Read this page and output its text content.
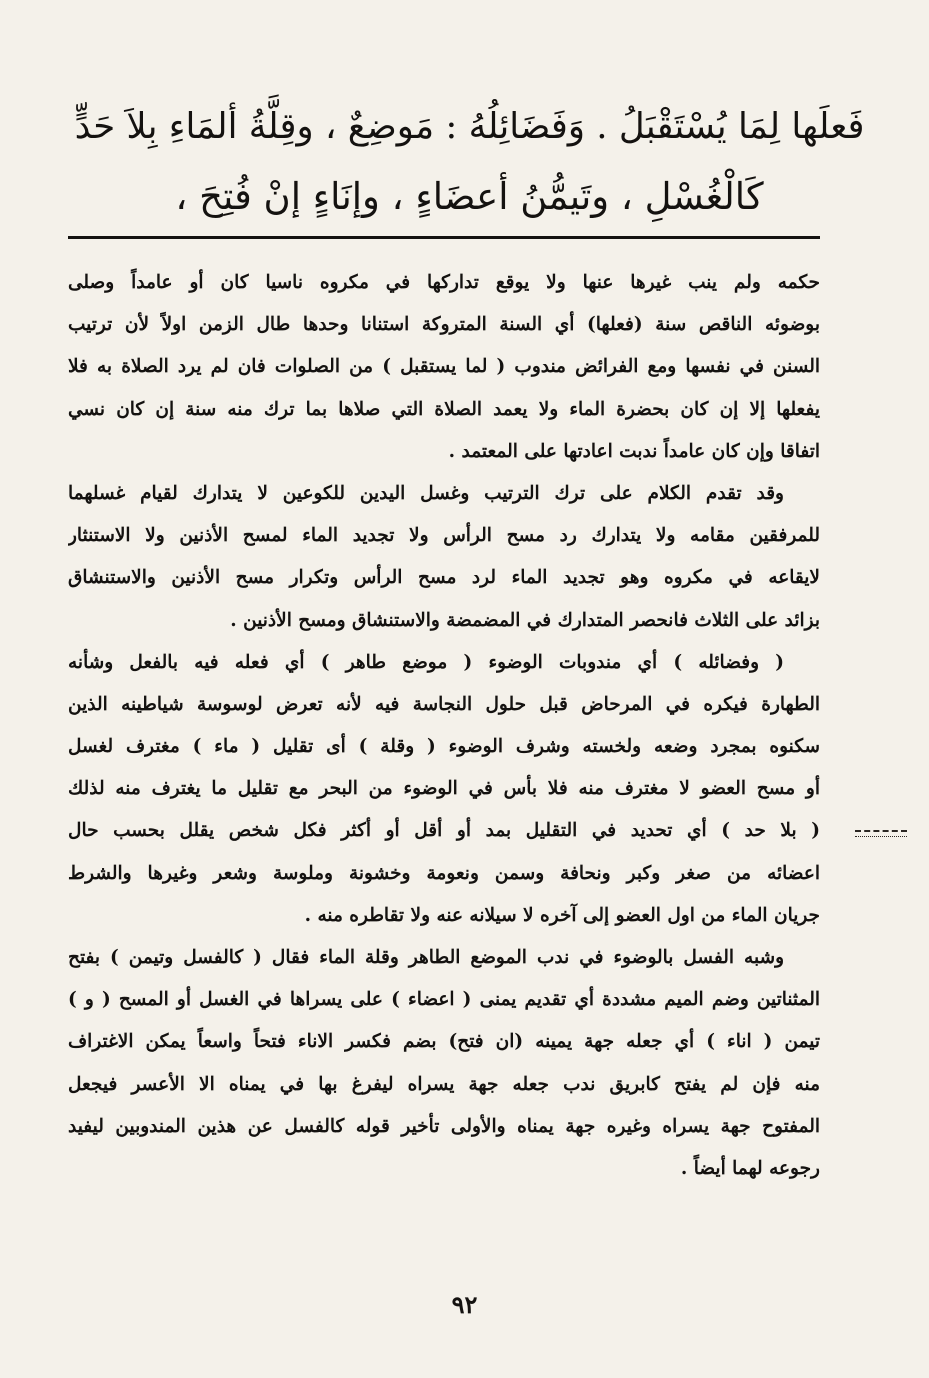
فَعلَها لِمَا يُسْتَقْبَلُ . وَفَضَائِلُهُ : مَوضِعٌ ، وقِلَّةُ ألمَاءِ بِلاَ حَدٍّ
كَالْغُسْلِ ، وتَيمُّنُ أعضَاءٍ ، وإنَاءٍ إنْ فُتِحَ ،
حكمه ولم ينب غيرها عنها ولا يوقع تداركها في مكروه ناسيا كان أو عامداً وصلى
بوضوئه الناقص سنة (فعلها) أي السنة المتروكة استنانا وحدها طال الزمن اولاً لأن ترتيب
السنن في نفسها ومع الفرائض مندوب ( لما يستقبل ) من الصلوات فان لم يرد الصلاة به فلا
يفعلها إلا إن كان بحضرة الماء ولا يعمد الصلاة التي صلاها بما ترك منه سنة إن كان نسي
اتفاقا وإن كان عامداً ندبت اعادتها على المعتمد .
وقد تقدم الكلام على ترك الترتيب وغسل اليدين للكوعين لا يتدارك لقيام غسلهما
للمرفقين مقامه ولا يتدارك رد مسح الرأس ولا تجديد الماء لمسح الأذنين ولا الاستنثار
لايقاعه في مكروه وهو تجديد الماء لرد مسح الرأس وتكرار مسح الأذنين والاستنشاق
بزائد على الثلاث فانحصر المتدارك في المضمضة والاستنشاق ومسح الأذنين .
( وفضائله ) أي مندوبات الوضوء ( موضع طاهر ) أي فعله فيه بالفعل وشأنه
الطهارة فيكره في المرحاض قبل حلول النجاسة فيه لأنه تعرض لوسوسة شياطينه الذين
سكنوه بمجرد وضعه ولخسته وشرف الوضوء ( وقلة ) أى تقليل ( ماء ) مغترف لغسل
أو مسح العضو لا مغترف منه فلا بأس في الوضوء من البحر مع تقليل ما يغترف منه لذلك
( بلا حد ) أي تحديد في التقليل بمد أو أقل أو أكثر فكل شخص يقلل بحسب حال
اعضائه من صغر وكبر ونحافة وسمن ونعومة وخشونة وملوسة وشعر وغيرها والشرط
جريان الماء من اول العضو إلى آخره لا سيلانه عنه ولا تقاطره منه .
وشبه الفسل بالوضوء في ندب الموضع الطاهر وقلة الماء فقال ( كالفسل وتيمن ) بفتح
المثناتين وضم الميم مشددة أي تقديم يمنى ( اعضاء ) على يسراها في الغسل أو المسح ( و )
تيمن ( اناء ) أي جعله جهة يمينه (ان فتح) بضم فكسر الاناء فتحاً واسعاً يمكن الاغتراف
منه فإن لم يفتح كابريق ندب جعله جهة يسراه ليفرغ بها في يمناه الا الأعسر فيجعل
المفتوح جهة يسراه وغيره جهة يمناه والأولى تأخير قوله كالفسل عن هذين المندوبين ليفيد
رجوعه لهما أيضاً .
٩٢
